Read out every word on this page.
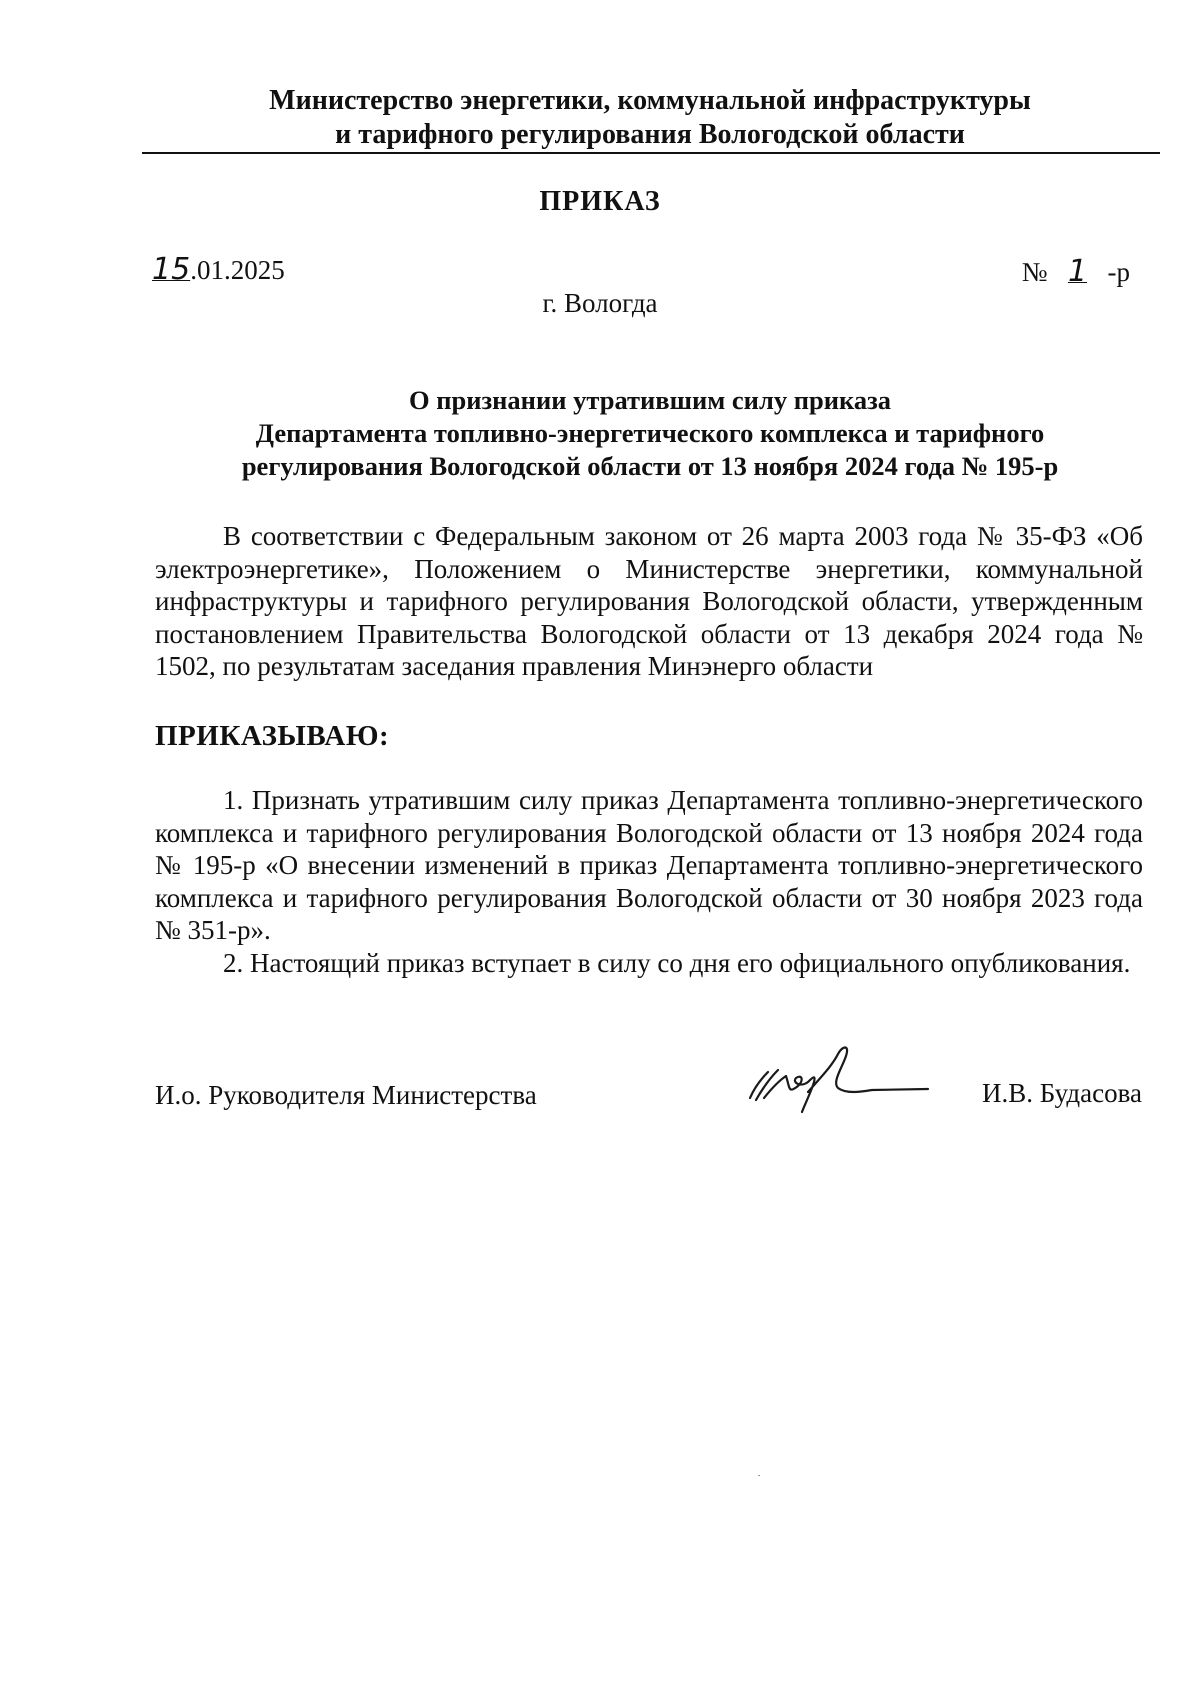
Министерство энергетики, коммунальной инфраструктуры
и тарифного регулирования Вологодской области
ПРИКАЗ
15.01.2025	№ 1 -р
г. Вологда
О признании утратившим силу приказа
Департамента топливно-энергетического комплекса и тарифного
регулирования Вологодской области от 13 ноября 2024 года № 195-р

В соответствии с Федеральным законом от 26 марта 2003 года № 35-ФЗ «Об электроэнергетике», Положением о Министерстве энергетики, коммунальной инфраструктуры и тарифного регулирования Вологодской области, утвержденным постановлением Правительства Вологодской области от 13 декабря 2024 года № 1502, по результатам заседания правления Минэнерго области

ПРИКАЗЫВАЮ:

1. Признать утратившим силу приказ Департамента топливно-энергетического комплекса и тарифного регулирования Вологодской области от 13 ноября 2024 года № 195-р «О внесении изменений в приказ Департамента топливно-энергетического комплекса и тарифного регулирования Вологодской области от 30 ноября 2023 года № 351-р».

2. Настоящий приказ вступает в силу со дня его официального опубликования.

И.о. Руководителя Министерства	И.В. Будасова
